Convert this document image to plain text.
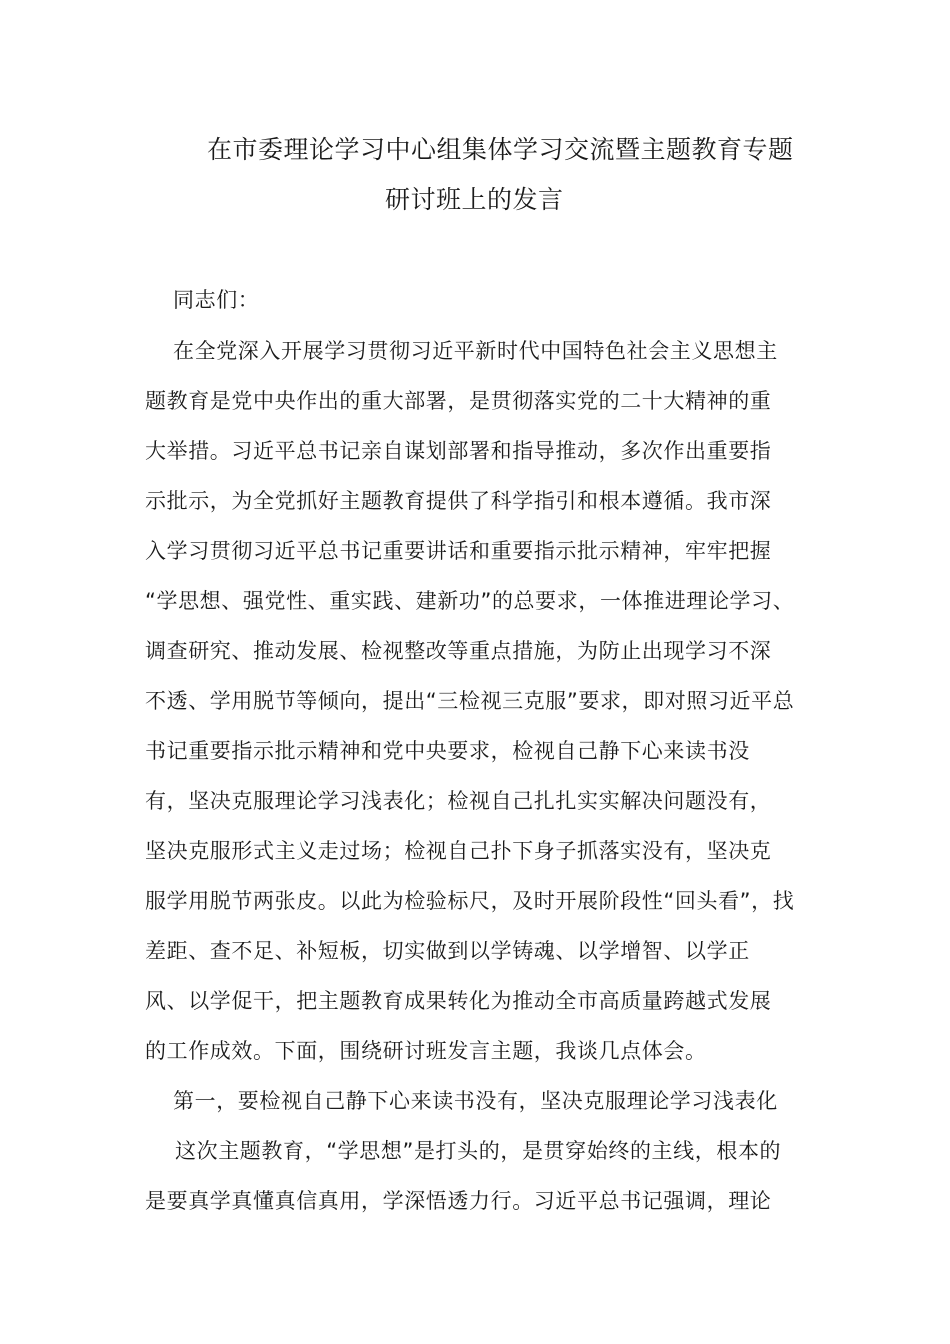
在市委理论学习中心组集体学习交流暨主题教育专题
研讨班上的发言
同志们：
在全党深入开展学习贯彻习近平新时代中国特色社会主义思想主
题教育是党中央作出的重大部署，是贯彻落实党的二十大精神的重
大举措。习近平总书记亲自谋划部署和指导推动，多次作出重要指
示批示，为全党抓好主题教育提供了科学指引和根本遵循。我市深
入学习贯彻习近平总书记重要讲话和重要指示批示精神，牢牢把握
“学思想、强党性、重实践、建新功”的总要求，一体推进理论学习、
调查研究、推动发展、检视整改等重点措施，为防止出现学习不深
不透、学用脱节等倾向，提出“三检视三克服”要求，即对照习近平总
书记重要指示批示精神和党中央要求，检视自己静下心来读书没
有，坚决克服理论学习浅表化；检视自己扎扎实实解决问题没有，
坚决克服形式主义走过场；检视自己扑下身子抓落实没有，坚决克
服学用脱节两张皮。以此为检验标尺，及时开展阶段性“回头看”，找
差距、查不足、补短板，切实做到以学铸魂、以学增智、以学正
风、以学促干，把主题教育成果转化为推动全市高质量跨越式发展
的工作成效。下面，围绕研讨班发言主题，我谈几点体会。
第一，要检视自己静下心来读书没有，坚决克服理论学习浅表化
这次主题教育，“学思想”是打头的，是贯穿始终的主线，根本的
是要真学真懂真信真用，学深悟透力行。习近平总书记强调，理论
